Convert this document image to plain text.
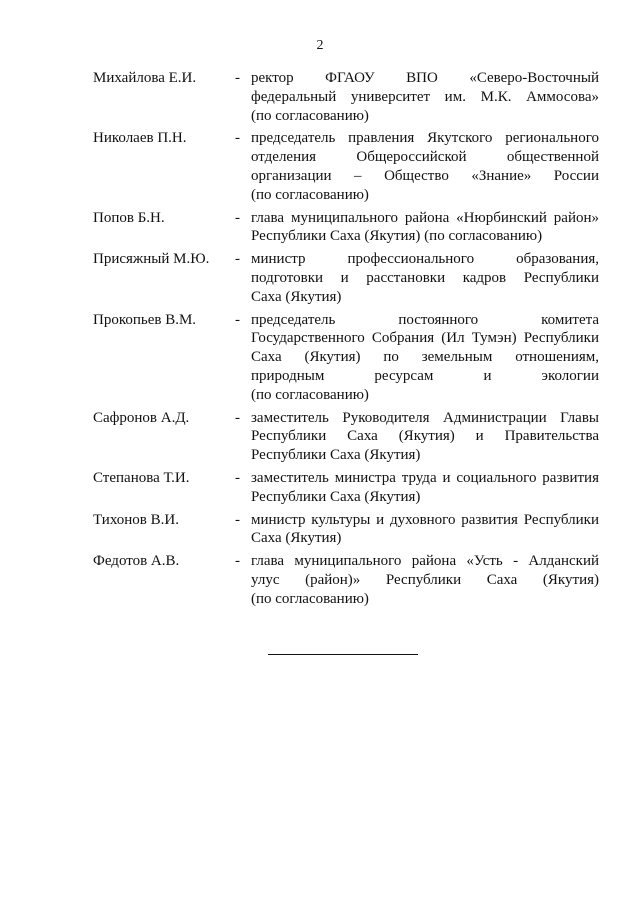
2
Михайлова Е.И.	- ректор ФГАОУ ВПО «Северо-Восточный
федеральный университет им. М.К. Аммосова»
(по согласованию)
Николаев П.Н.	- председатель правления Якутского регионального
отделения Общероссийской общественной
организации – Общество «Знание» России
(по согласованию)
Попов Б.Н.	- глава муниципального района «Нюрбинский район»
Республики Саха (Якутия) (по согласованию)
Присяжный М.Ю.	- министр профессионального образования,
подготовки и расстановки кадров Республики
Саха (Якутия)
Прокопьев В.М.	- председатель постоянного комитета
Государственного Собрания (Ил Тумэн) Республики
Саха (Якутия) по земельным отношениям,
природным ресурсам и экологии
(по согласованию)
Сафронов А.Д.	- заместитель Руководителя Администрации Главы
Республики Саха (Якутия) и Правительства
Республики Саха (Якутия)
Степанова Т.И.	- заместитель министра труда и социального развития
Республики Саха (Якутия)
Тихонов В.И.	- министр культуры и духовного развития Республики
Саха (Якутия)
Федотов А.В.	- глава муниципального района «Усть - Алданский
улус (район)» Республики Саха (Якутия)
(по согласованию)
